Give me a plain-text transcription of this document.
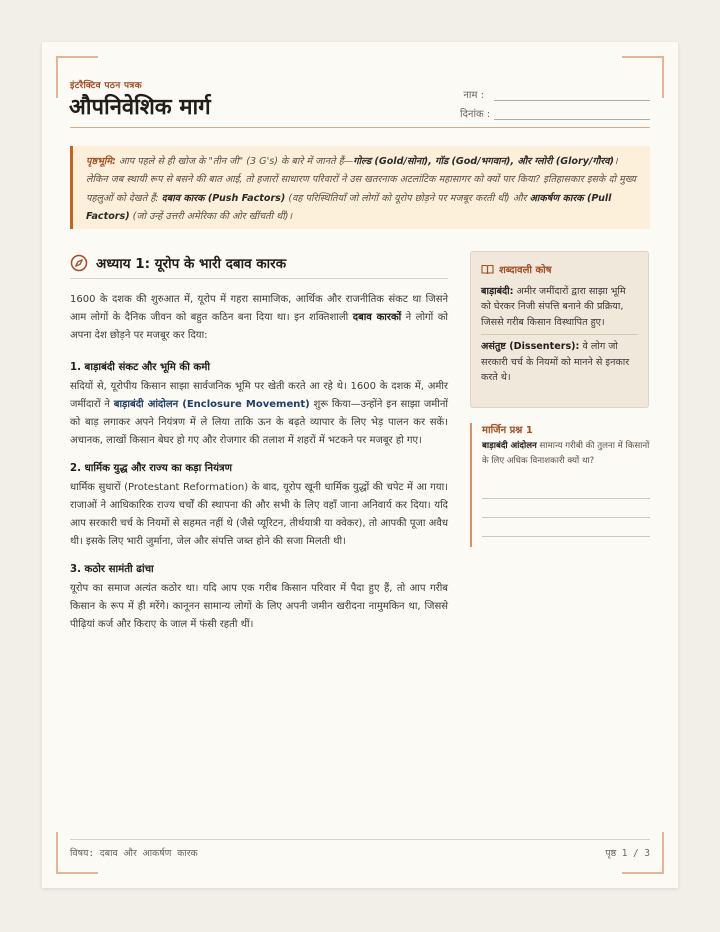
इंटरैक्टिव पठन पत्रक
औपनिवेशिक मार्ग	नाम :
दिनांक :
पृष्ठभूमि: आप पहले से ही खोज के "तीन जी" (3 G's) के बारे में जानते हैं—गोल्ड (Gold/सोना), गॉड (God/भगवान), और ग्लोरी (Glory/गौरव)। लेकिन जब स्थायी रूप से बसने की बात आई, तो हजारों साधारण परिवारों ने उस खतरनाक अटलांटिक महासागर को क्यों पार किया? इतिहासकार इसके दो मुख्य पहलुओं को देखते हैं: दबाव कारक (Push Factors) (वह परिस्थितियाँ जो लोगों को यूरोप छोड़ने पर मजबूर करती थीं) और आकर्षण कारक (Pull Factors) (जो उन्हें उत्तरी अमेरिका की ओर खींचती थीं)।
अध्याय 1: यूरोप के भारी दबाव कारक

1600 के दशक की शुरुआत में, यूरोप में गहरा सामाजिक, आर्थिक और राजनीतिक संकट था जिसने आम लोगों के दैनिक जीवन को बहुत कठिन बना दिया था। इन शक्तिशाली दबाव कारकों ने लोगों को अपना देश छोड़ने पर मजबूर कर दिया:

1. बाड़ाबंदी संकट और भूमि की कमी

सदियों से, यूरोपीय किसान साझा सार्वजनिक भूमि पर खेती करते आ रहे थे। 1600 के दशक में, अमीर जमींदारों ने बाड़ाबंदी आंदोलन (Enclosure Movement) शुरू किया—उन्होंने इन साझा जमीनों को बाड़ लगाकर अपने नियंत्रण में ले लिया ताकि ऊन के बढ़ते व्यापार के लिए भेड़ पालन कर सकें। अचानक, लाखों किसान बेघर हो गए और रोजगार की तलाश में शहरों में भटकने पर मजबूर हो गए।

2. धार्मिक युद्ध और राज्य का कड़ा नियंत्रण

धार्मिक सुधारों (Protestant Reformation) के बाद, यूरोप खूनी धार्मिक युद्धों की चपेट में आ गया। राजाओं ने आधिकारिक राज्य चर्चों की स्थापना की और सभी के लिए वहाँ जाना अनिवार्य कर दिया। यदि आप सरकारी चर्च के नियमों से सहमत नहीं थे (जैसे प्यूरिटन, तीर्थयात्री या क्वेकर), तो आपकी पूजा अवैध थी। इसके लिए भारी जुर्माना, जेल और संपत्ति जब्त होने की सजा मिलती थी।

3. कठोर सामंती ढांचा

यूरोप का समाज अत्यंत कठोर था। यदि आप एक गरीब किसान परिवार में पैदा हुए हैं, तो आप गरीब किसान के रूप में ही मरेंगे। कानूनन सामान्य लोगों के लिए अपनी जमीन खरीदना नामुमकिन था, जिससे पीढ़ियां कर्ज और किराए के जाल में फंसी रहती थीं।

शब्दावली कोष
बाड़ाबंदी: अमीर जमींदारों द्वारा साझा भूमि को घेरकर निजी संपत्ति बनाने की प्रक्रिया, जिससे गरीब किसान विस्थापित हुए।
असंतुष्ट (Dissenters): वे लोग जो सरकारी चर्च के नियमों को मानने से इनकार करते थे।
मार्जिन प्रश्न 1
बाड़ाबंदी आंदोलन सामान्य गरीबी की तुलना में किसानों के लिए अधिक विनाशकारी क्यों था?
विषय: दबाव और आकर्षण कारक	पृष्ठ 1 / 3
